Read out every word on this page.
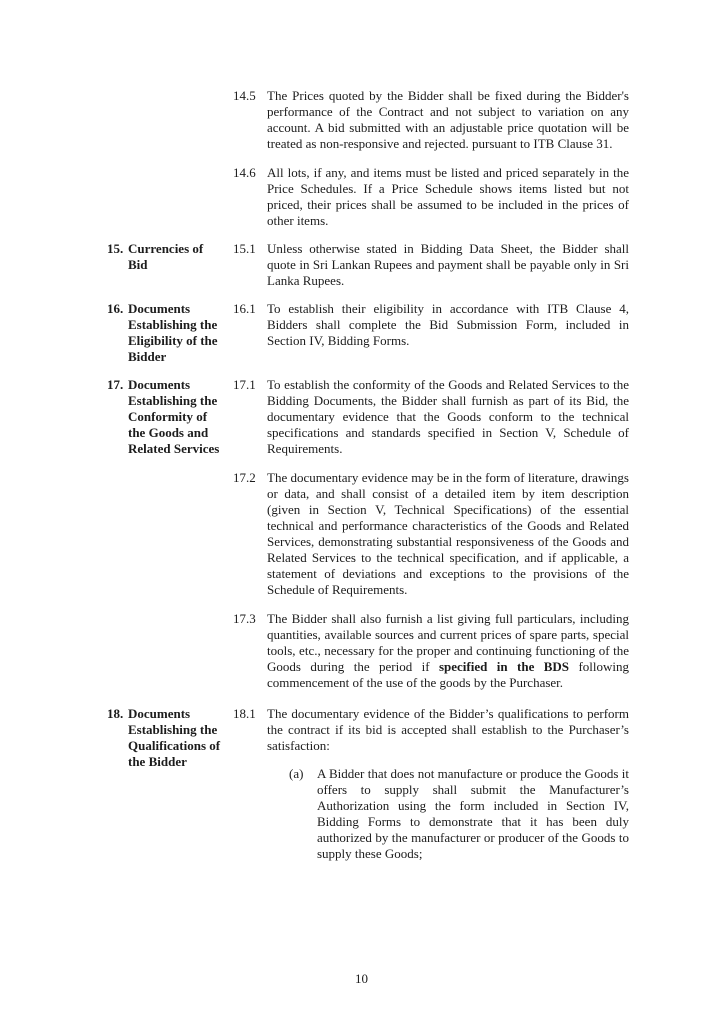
14.5 The Prices quoted by the Bidder shall be fixed during the Bidder's performance of the Contract and not subject to variation on any account. A bid submitted with an adjustable price quotation will be treated as non-responsive and rejected. pursuant to ITB Clause 31.

14.6 All lots, if any, and items must be listed and priced separately in the Price Schedules. If a Price Schedule shows items listed but not priced, their prices shall be assumed to be included in the prices of other items.

15. Currencies of Bid
15.1 Unless otherwise stated in Bidding Data Sheet, the Bidder shall quote in Sri Lankan Rupees and payment shall be payable only in Sri Lanka Rupees.

16. Documents Establishing the Eligibility of the Bidder
16.1 To establish their eligibility in accordance with ITB Clause 4, Bidders shall complete the Bid Submission Form, included in Section IV, Bidding Forms.

17. Documents Establishing the Conformity of the Goods and Related Services
17.1 To establish the conformity of the Goods and Related Services to the Bidding Documents, the Bidder shall furnish as part of its Bid, the documentary evidence that the Goods conform to the technical specifications and standards specified in Section V, Schedule of Requirements.

17.2 The documentary evidence may be in the form of literature, drawings or data, and shall consist of a detailed item by item description (given in Section V, Technical Specifications) of the essential technical and performance characteristics of the Goods and Related Services, demonstrating substantial responsiveness of the Goods and Related Services to the technical specification, and if applicable, a statement of deviations and exceptions to the provisions of the Schedule of Requirements.

17.3 The Bidder shall also furnish a list giving full particulars, including quantities, available sources and current prices of spare parts, special tools, etc., necessary for the proper and continuing functioning of the Goods during the period if specified in the BDS following commencement of the use of the goods by the Purchaser.

18. Documents Establishing the Qualifications of the Bidder
18.1 The documentary evidence of the Bidder’s qualifications to perform the contract if its bid is accepted shall establish to the Purchaser’s satisfaction:

(a)	A Bidder that does not manufacture or produce the Goods it offers to supply shall submit the Manufacturer’s Authorization using the form included in Section IV, Bidding Forms to demonstrate that it has been duly authorized by the manufacturer or producer of the Goods to supply these Goods;

10
